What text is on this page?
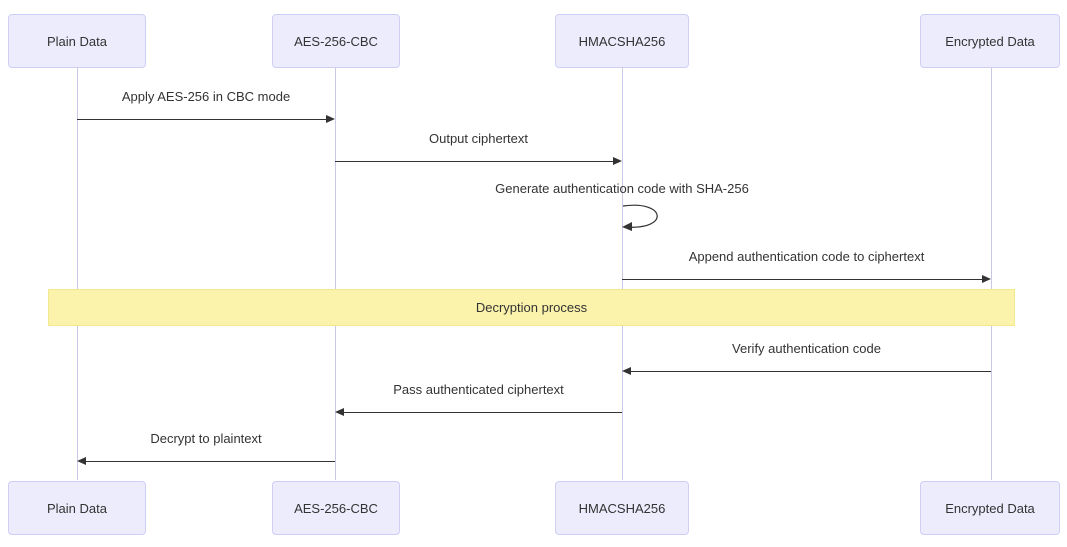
Plain Data	AES-256-CBC	HMACSHA256	Encrypted Data
Plain Data	AES-256-CBC	HMACSHA256	Encrypted Data
Apply AES-256 in CBC mode
Output ciphertext
Generate authentication code with SHA-256
Append authentication code to ciphertext
Decryption process
Verify authentication code
Pass authenticated ciphertext
Decrypt to plaintext
